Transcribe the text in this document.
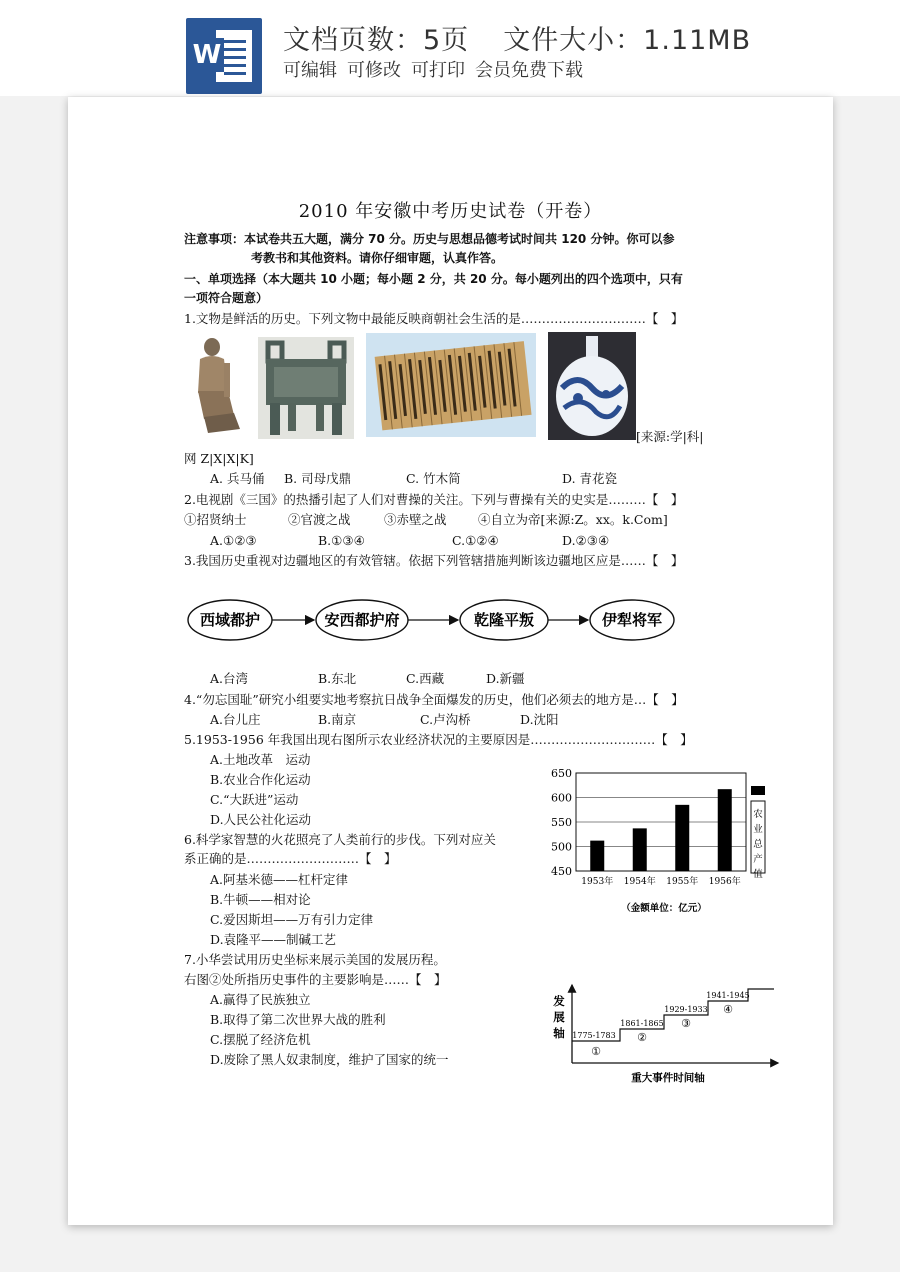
W 文档页数：5页 文件大小：1.11MB
可编辑 可修改 可打印 会员免费下载
2010 年安徽中考历史试卷（开卷）
注意事项：本试卷共五大题，满分 70 分。历史与思想品德考试时间共 120 分钟。你可以参
考教书和其他资料。请你仔细审题，认真作答。
一、单项选择（本大题共 10 小题；每小题 2 分，共 20 分。每小题列出的四个选项中，只有
一项符合题意）
1.文物是鲜活的历史。下列文物中最能反映商朝社会生活的是…………………………【　】
[来源:学|科|
网 Z|X|X|K]
A. 兵马俑 B. 司母戊鼎	C. 竹木简	D. 青花瓷
2.电视剧《三国》的热播引起了人们对曹操的关注。下列与曹操有关的史实是………【　】
①招贤纳士	②官渡之战	③赤壁之战	④自立为帝[来源:Z。xx。k.Com]
A.①②③	B.①③④	C.①②④	D.②③④
3.我国历史重视对边疆地区的有效管辖。依据下列管辖措施判断该边疆地区应是……【　】
西域都护	安西都护府	乾隆平叛	伊犁将军
A.台湾	B.东北	C.西藏	D.新疆
4.“勿忘国耻”研究小组要实地考察抗日战争全面爆发的历史，他们必须去的地方是…【　】
A.台儿庄	B.南京	C.卢沟桥	D.沈阳
5.1953-1956 年我国出现右图所示农业经济状况的主要原因是…………………………【　】
A.土地改革　运动
B.农业合作化运动
C.“大跃进”运动
D.人民公社化运动
450
500
550
600
650
1953年 1954年 1955年 1956年
农
业
总
产
值
（金额单位：亿元）
6.科学家智慧的火花照亮了人类前行的步伐。下列对应关
系正确的是………………………【　】
A.阿基米德——杠杆定律
B.牛顿——相对论
C.爱因斯坦——万有引力定律
D.袁隆平——制碱工艺
7.小华尝试用历史坐标来展示美国的发展历程。
右图②处所指历史事件的主要影响是……【　】
A.赢得了民族独立
B.取得了第二次世界大战的胜利
C.摆脱了经济危机
D.废除了黑人奴隶制度，维护了国家的统一
发
展
轴 1775-1783
①
1861-1865
②
1929-1933
③
1941-1945
④
重大事件时间轴
